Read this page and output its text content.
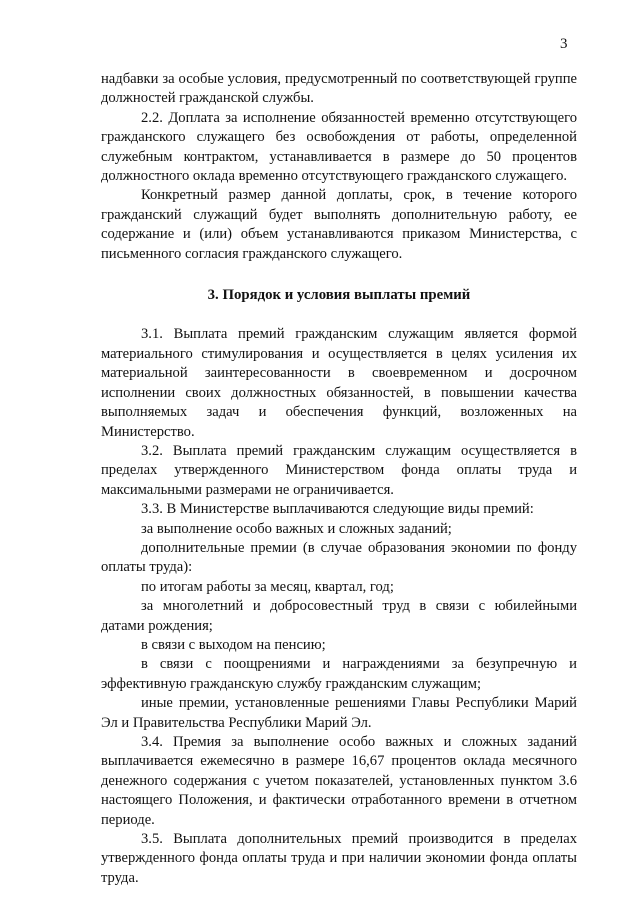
3

надбавки за особые условия, предусмотренный по соответствующей группе должностей гражданской службы.

2.2. Доплата за исполнение обязанностей временно отсутствующего гражданского служащего без освобождения от работы, определенной служебным контрактом, устанавливается в размере до 50 процентов должностного оклада временно отсутствующего гражданского служащего.

Конкретный размер данной доплаты, срок, в течение которого гражданский служащий будет выполнять дополнительную работу, ее содержание и (или) объем устанавливаются приказом Министерства, с письменного согласия гражданского служащего.

3. Порядок и условия выплаты премий

3.1. Выплата премий гражданским служащим является формой материального стимулирования и осуществляется в целях усиления их материальной заинтересованности в своевременном и досрочном исполнении своих должностных обязанностей, в повышении качества выполняемых задач и обеспечения функций, возложенных на Министерство.

3.2. Выплата премий гражданским служащим осуществляется в пределах утвержденного Министерством фонда оплаты труда и максимальными размерами не ограничивается.

3.3. В Министерстве выплачиваются следующие виды премий:

за выполнение особо важных и сложных заданий;

дополнительные премии (в случае образования экономии по фонду оплаты труда):

по итогам работы за месяц, квартал, год;

за многолетний и добросовестный труд в связи с юбилейными датами рождения;

в связи с выходом на пенсию;

в связи с поощрениями и награждениями за безупречную и эффективную гражданскую службу гражданским служащим;

иные премии, установленные решениями Главы Республики Марий Эл и Правительства Республики Марий Эл.

3.4. Премия за выполнение особо важных и сложных заданий выплачивается ежемесячно в размере 16,67 процентов оклада месячного денежного содержания с учетом показателей, установленных пунктом 3.6 настоящего Положения, и фактически отработанного времени в отчетном периоде.

3.5. Выплата дополнительных премий производится в пределах утвержденного фонда оплаты труда и при наличии экономии фонда оплаты труда.
